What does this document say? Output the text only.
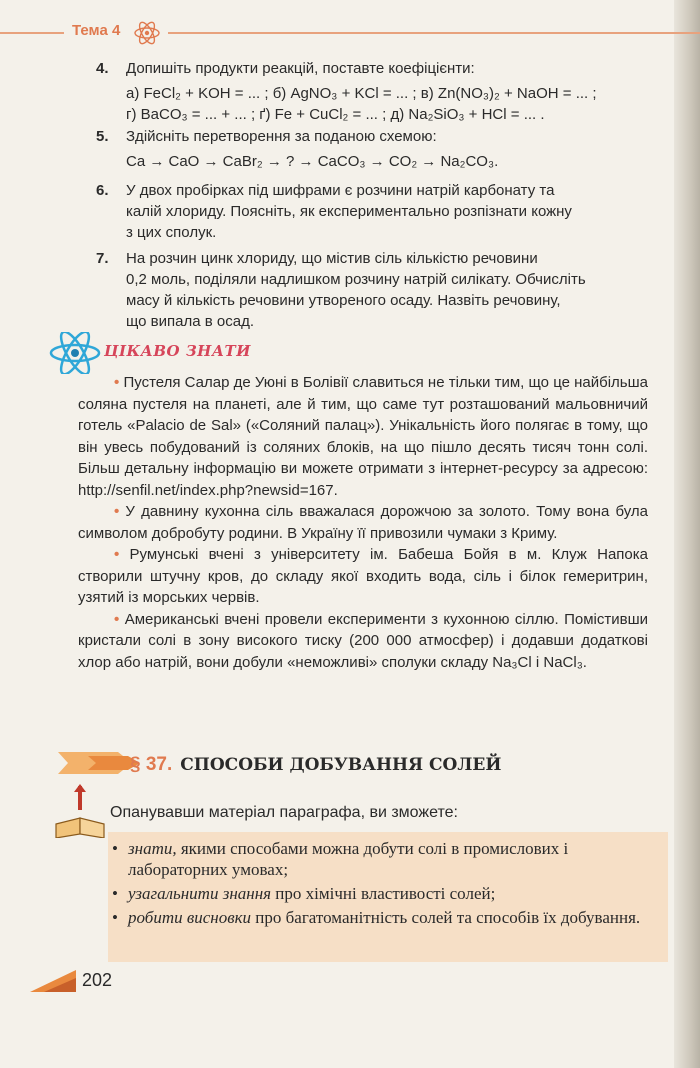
Тема 4
4. Допишіть продукти реакцій, поставте коефіцієнти:

а) FeCl₂ + KOH = ... ; б) AgNO₃ + KCl = ... ; в) Zn(NO₃)₂ + NaOH = ... ;

г) BaCO₃ = ... + ... ; ґ) Fe + CuCl₂ = ... ; д) Na₂SiO₃ + HCl = ... .

5. Здійсніть перетворення за поданою схемою:

Ca → CaO → CaBr₂ → ? → CaCO₃ → CO₂ → Na₂CO₃.

6. У двох пробірках під шифрами є розчини натрій карбонату та

калій хлориду. Поясніть, як експериментально розпізнати кожну

з цих сполук.

7. На розчин цинк хлориду, що містив сіль кількістю речовини

0,2 моль, поділяли надлишком розчину натрій силікату. Обчисліть

масу й кількість речовини утвореного осаду. Назвіть речовину,

що випала в осад.

ЦІКАВО ЗНАТИ

• Пустеля Салар де Уюні в Болівії славиться не тільки тим, що це найбільша соляна пустеля на планеті, але й тим, що саме тут розташований мальовничий готель «Palacio de Sal» («Соляний палац»). Унікальність його полягає в тому, що він увесь побудований із соляних блоків, на що пішло десять тисяч тонн солі. Більш детальну інформацію ви можете отримати з інтернет-ресурсу за адресою: http://senfil.net/index.php?newsid=167.

• У давнину кухонна сіль вважалася дорожчою за золото. Тому вона була символом добробуту родини. В Україну її привозили чумаки з Криму.

• Румунські вчені з університету ім. Бабеша Бойя в м. Клуж Напока створили штучну кров, до складу якої входить вода, сіль і білок гемеритрин, узятий із морських червів.

• Американські вчені провели експерименти з кухонною сіллю. Помістивши кристали солі в зону високого тиску (200 000 атмосфер) і додавши додаткові хлор або натрій, вони добули «неможливі» сполуки складу Na₃Cl і NaCl₃.

§ 37. СПОСОБИ ДОБУВАННЯ СОЛЕЙ
Опанувавши матеріал параграфа, ви зможете:
• знати, якими способами можна добути солі в промислових і лабораторних умовах;
• узагальнити знання про хімічні властивості солей;
• робити висновки про багатоманітність солей та способів їх добування.
202
